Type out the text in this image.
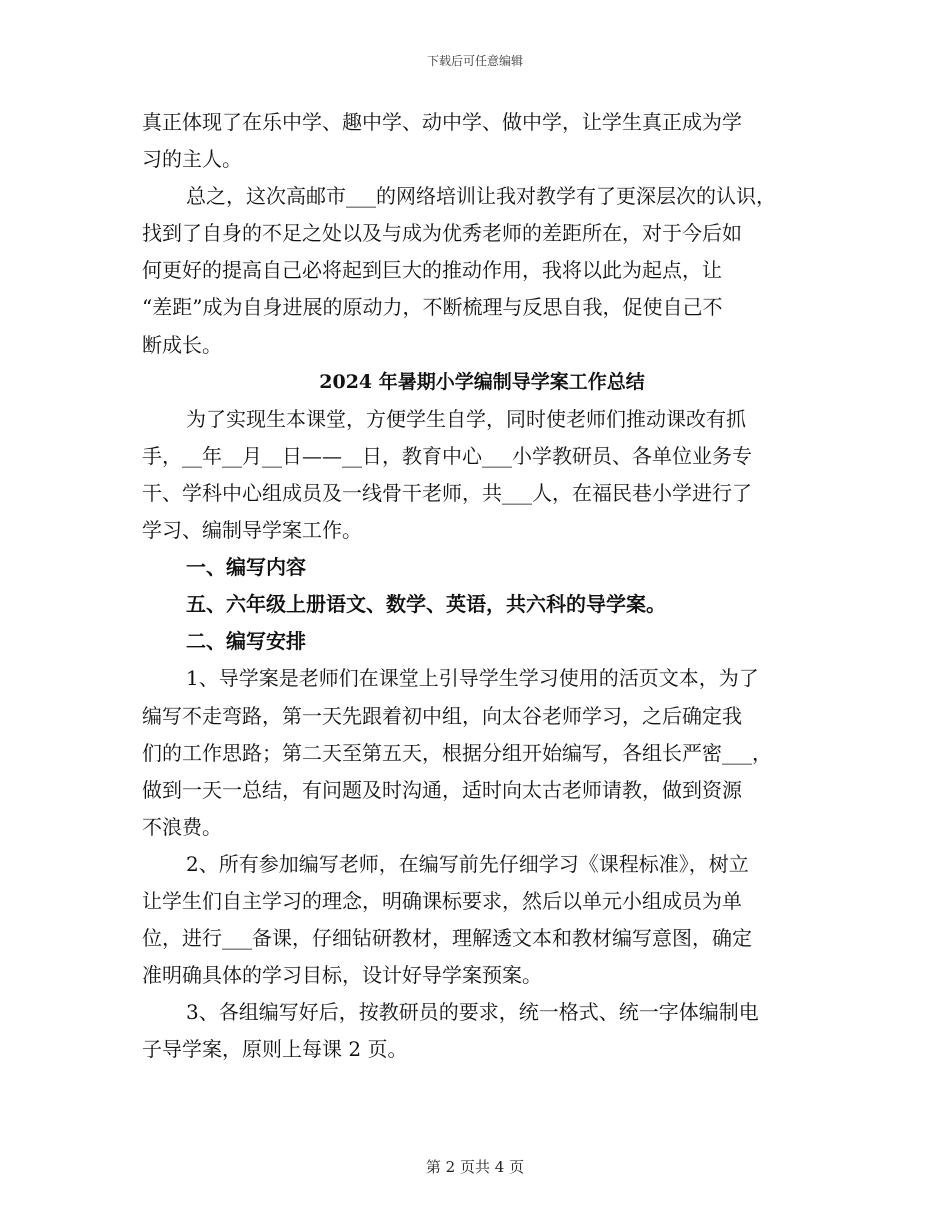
下载后可任意编辑
真正体现了在乐中学、趣中学、动中学、做中学，让学生真正成为学
习的主人。
总之，这次高邮市___的网络培训让我对教学有了更深层次的认识，
找到了自身的不足之处以及与成为优秀老师的差距所在，对于今后如
何更好的提高自己必将起到巨大的推动作用，我将以此为起点，让
“差距”成为自身进展的原动力，不断梳理与反思自我，促使自己不
断成长。
2024 年暑期小学编制导学案工作总结
为了实现生本课堂，方便学生自学，同时使老师们推动课改有抓
手，__年__月__日——__日，教育中心___小学教研员、各单位业务专
干、学科中心组成员及一线骨干老师，共___人，在福民巷小学进行了
学习、编制导学案工作。
一、编写内容
五、六年级上册语文、数学、英语，共六科的导学案。
二、编写安排
1、导学案是老师们在课堂上引导学生学习使用的活页文本，为了
编写不走弯路，第一天先跟着初中组，向太谷老师学习，之后确定我
们的工作思路；第二天至第五天，根据分组开始编写，各组长严密___，
做到一天一总结，有问题及时沟通，适时向太古老师请教，做到资源
不浪费。
2、所有参加编写老师，在编写前先仔细学习《课程标准》，树立
让学生们自主学习的理念，明确课标要求，然后以单元小组成员为单
位，进行___备课，仔细钻研教材，理解透文本和教材编写意图，确定
准明确具体的学习目标，设计好导学案预案。
3、各组编写好后，按教研员的要求，统一格式、统一字体编制电
子导学案，原则上每课 2 页。
第 2 页共 4 页
